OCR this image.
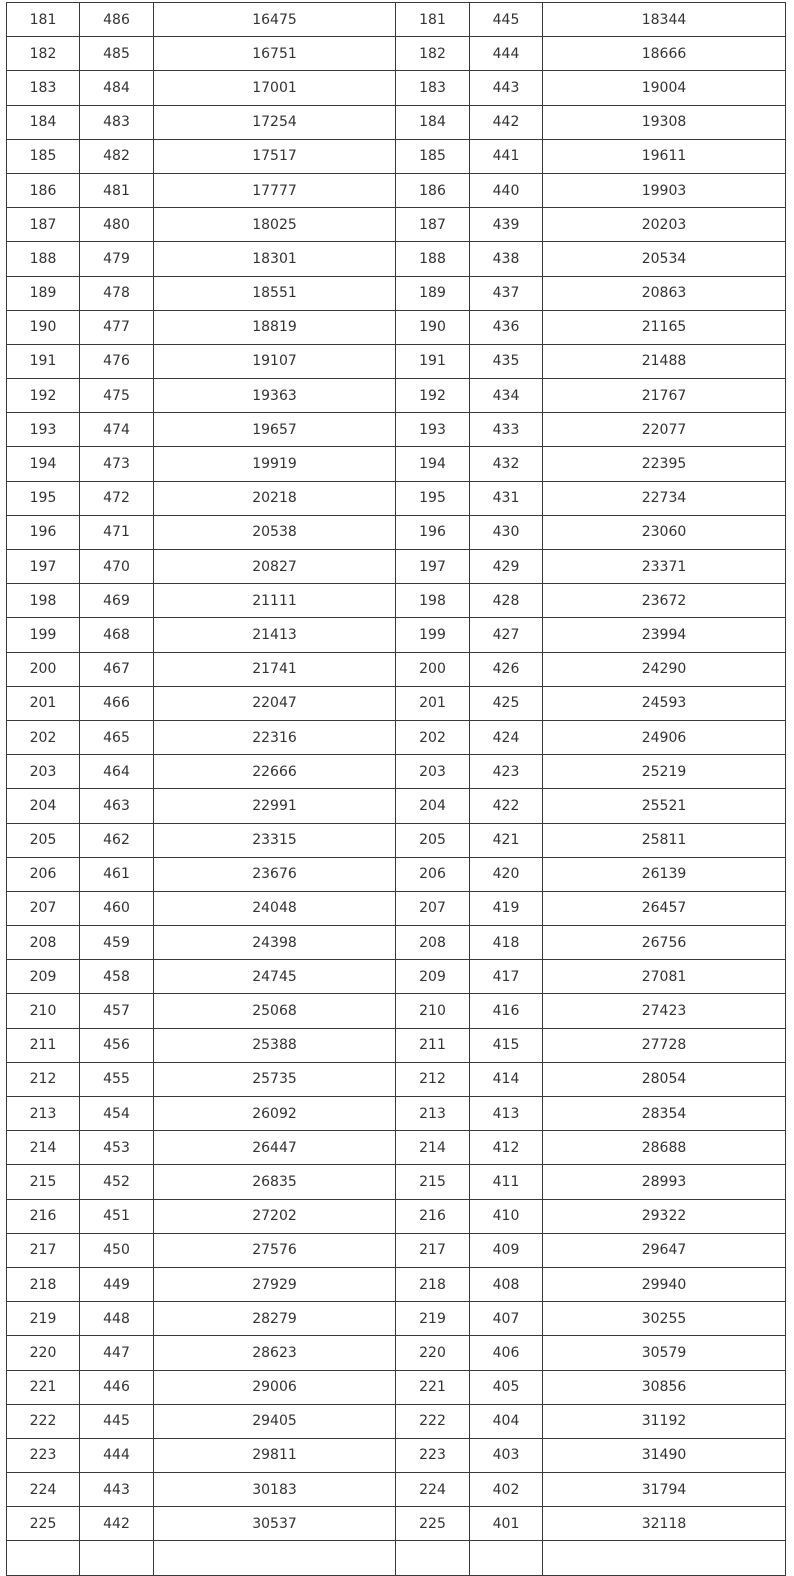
181	486	16475	181	445	18344
182	485	16751	182	444	18666
183	484	17001	183	443	19004
184	483	17254	184	442	19308
185	482	17517	185	441	19611
186	481	17777	186	440	19903
187	480	18025	187	439	20203
188	479	18301	188	438	20534
189	478	18551	189	437	20863
190	477	18819	190	436	21165
191	476	19107	191	435	21488
192	475	19363	192	434	21767
193	474	19657	193	433	22077
194	473	19919	194	432	22395
195	472	20218	195	431	22734
196	471	20538	196	430	23060
197	470	20827	197	429	23371
198	469	21111	198	428	23672
199	468	21413	199	427	23994
200	467	21741	200	426	24290
201	466	22047	201	425	24593
202	465	22316	202	424	24906
203	464	22666	203	423	25219
204	463	22991	204	422	25521
205	462	23315	205	421	25811
206	461	23676	206	420	26139
207	460	24048	207	419	26457
208	459	24398	208	418	26756
209	458	24745	209	417	27081
210	457	25068	210	416	27423
211	456	25388	211	415	27728
212	455	25735	212	414	28054
213	454	26092	213	413	28354
214	453	26447	214	412	28688
215	452	26835	215	411	28993
216	451	27202	216	410	29322
217	450	27576	217	409	29647
218	449	27929	218	408	29940
219	448	28279	219	407	30255
220	447	28623	220	406	30579
221	446	29006	221	405	30856
222	445	29405	222	404	31192
223	444	29811	223	403	31490
224	443	30183	224	402	31794
225	442	30537	225	401	32118
